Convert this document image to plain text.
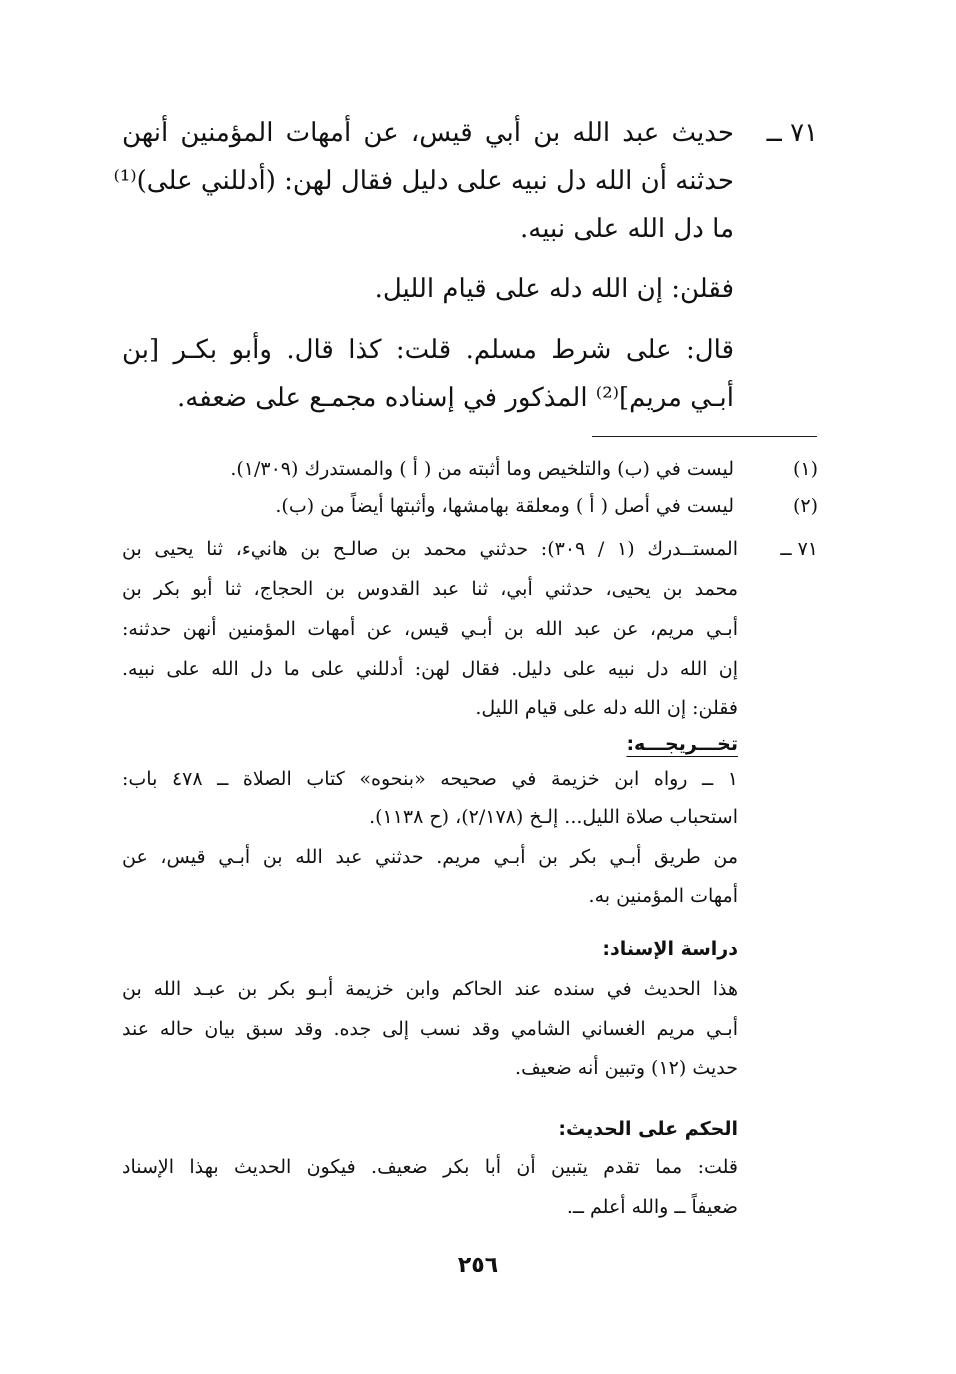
٧١ ــ
حديث عبد الله بن أبي قيس، عن أمهات المؤمنين أنهن
حدثنه أن الله دل نبيه على دليل فقال لهن: (أدللني على)⁽¹⁾
ما دل الله على نبيه.
فقلن: إن الله دله على قيام الليل.
قال: على شرط مسلم. قلت: كذا قال. وأبو بكـر [بن
أبـي مريم]⁽²⁾ المذكور في إسناده مجمـع على ضعفه.
(١)
ليست في (ب) والتلخيص وما أثبته من ( أ ) والمستدرك (١/٣٠٩).
(٢)
ليست في أصل ( أ ) ومعلقة بهامشها، وأثبتها أيضاً من (ب).
٧١ ــ
المستــدرك (١ / ٣٠٩): حدثني محمد بن صالـح بن هانيء، ثنا يحيى بن
محمد بن يحيى، حدثني أبي، ثنا عبد القدوس بن الحجاج، ثنا أبو بكر بن
أبـي مريم، عن عبد الله بن أبـي قيس، عن أمهات المؤمنين أنهن حدثنه:
إن الله دل نبيه على دليل. فقال لهن: أدللني على ما دل الله على نبيه.
فقلن: إن الله دله على قيام الليل.
تخـــريجـــه:
١ ــ رواه ابن خزيمة في صحيحه «بنحوه» كتاب الصلاة ــ ٤٧٨ باب:
استحباب صلاة الليل... إلـخ (٢/١٧٨)، (ح ١١٣٨).
من طريق أبـي بكر بن أبـي مريم. حدثني عبد الله بن أبـي قيس، عن
أمهات المؤمنين به.
دراسة الإسناد:
هذا الحديث في سنده عند الحاكم وابن خزيمة أبـو بكر بن عبـد الله بن
أبـي مريم الغساني الشامي وقد نسب إلى جده. وقد سبق بيان حاله عند
حديث (١٢) وتبين أنه ضعيف.
الحكم على الحديث:
قلت: مما تقدم يتبين أن أبا بكر ضعيف. فيكون الحديث بهذا الإسناد
ضعيفاً ــ والله أعلم ــ.
٢٥٦
